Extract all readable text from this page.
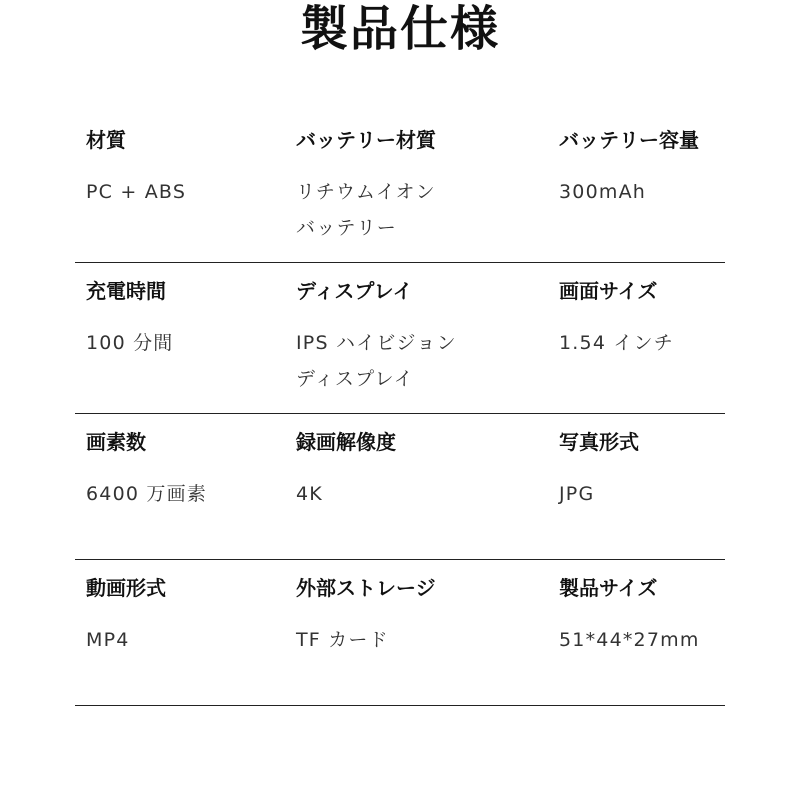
製品仕様
材質
PC + ABS
バッテリー材質
リチウムイオン
バッテリー
バッテリー容量
300mAh
充電時間
100 分間
ディスプレイ
IPS ハイビジョン
ディスプレイ
画面サイズ
1.54 インチ
画素数
6400 万画素
録画解像度
4K
写真形式
JPG
動画形式
MP4
外部ストレージ
TF カード
製品サイズ
51*44*27mm
